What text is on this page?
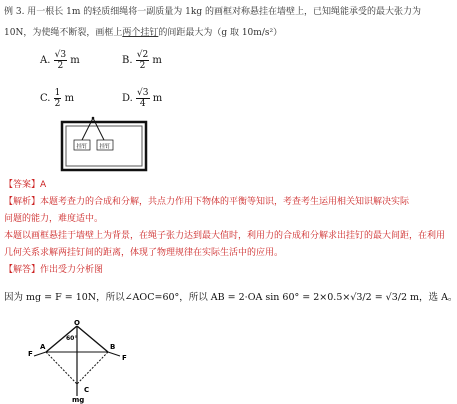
例 3. 用一根长 1m 的轻质细绳将一副质量为 1kg 的画框对称悬挂在墙壁上，已知绳能承受的最大张力为
10N，为使绳不断裂，画框上两个挂钉的间距最大为（g 取 10m/s²）
A. $\frac{√3}{2}$ m	B. $\frac{√2}{2}$ m
C. $\frac{1}{2}$ m	D. $\frac{√3}{4}$ m
挂钉 挂钉
【答案】A
【解析】本题考查力的合成和分解，共点力作用下物体的平衡等知识，考查考生运用相关知识解决实际
问题的能力，难度适中。
本题以画框悬挂于墙壁上为背景，在绳子张力达到最大值时，利用力的合成和分解求出挂钉的最大间距，在利用
几何关系求解两挂钉间的距离，体现了物理规律在实际生活中的应用。
【解答】作出受力分析图
因为 mg = F = 10N，所以∠AOC=60°，所以 AB = 2·OA sin 60° = 2×0.5×√3/2 = √3/2 m，选 A。
O
A	B
C
F	F
60°
mg
